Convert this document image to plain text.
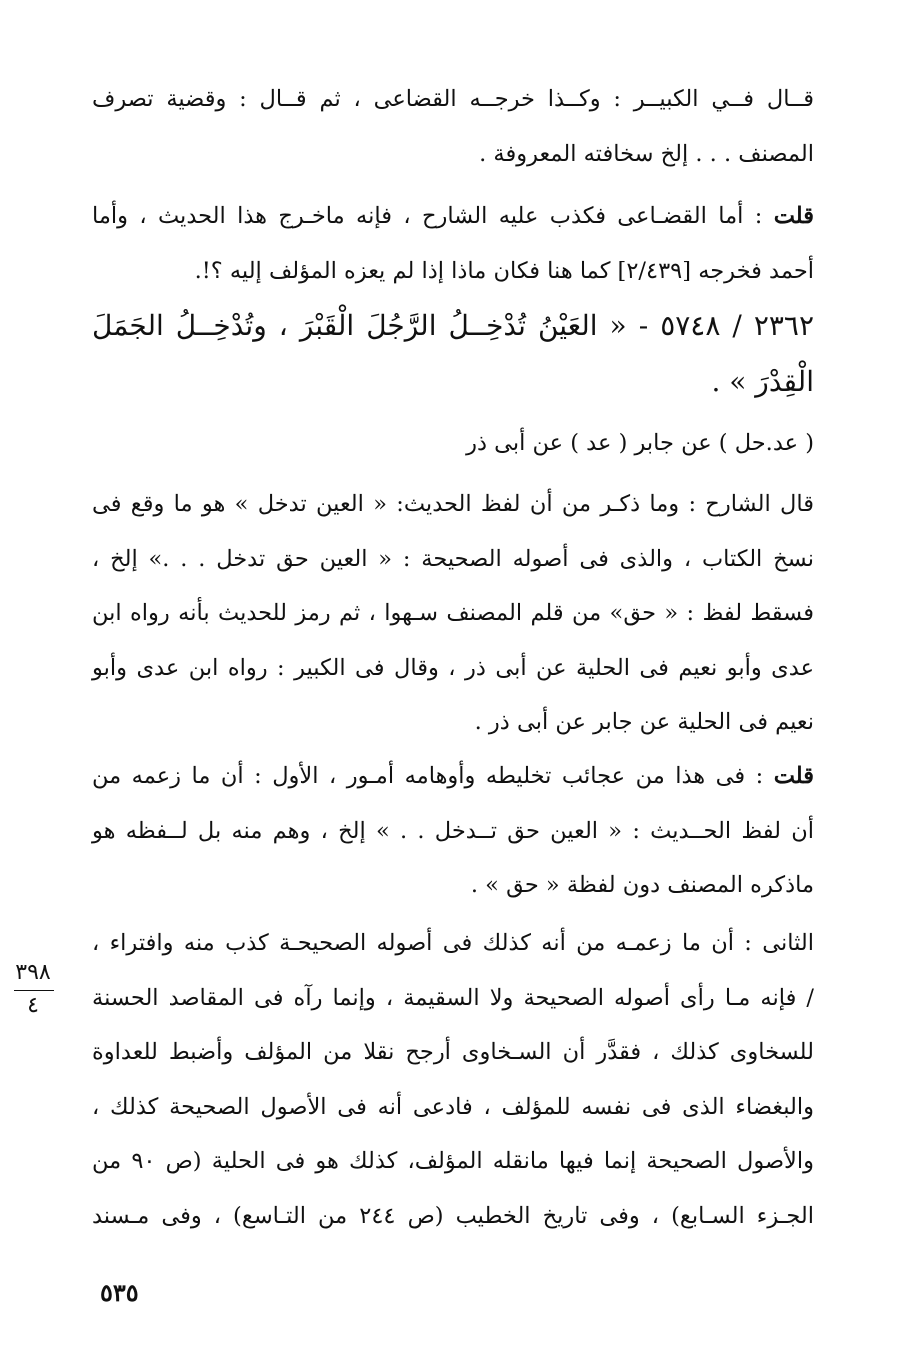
٣٩٨
٤
٥٣٥
قــال فــي الكبيــر : وكــذا خرجــه القضاعى ، ثم قــال : وقضية تصرف
المصنف . . . إلخ سخافته المعروفة .
قلت : أما القضـاعى فكذب عليه الشارح ، فإنه ماخـرج هذا الحديث ، وأما
أحمد فخرجه [٢/٤٣٩] كما هنا فكان ماذا إذا لم يعزه المؤلف إليه ؟!.
٢٣٦٢ / ٥٧٤٨ - « العَيْنُ تُدْخِــلُ الرَّجُلَ الْقَبْرَ ، وتُدْخِــلُ الجَمَلَ
الْقِدْرَ » .
( عد.حل ) عن جابر ( عد ) عن أبى ذر
قال الشارح : وما ذكـر من أن لفظ الحديث: « العين تدخل » هو ما وقع فى
نسخ الكتاب ، والذى فى أصوله الصحيحة : « العين حق تدخل . . .» إلخ ،
فسقط لفظ : « حق» من قلم المصنف سـهوا ، ثم رمز للحديث بأنه رواه ابن
عدى وأبو نعيم فى الحلية عن أبى ذر ، وقال فى الكبير : رواه ابن عدى وأبو
نعيم فى الحلية عن جابر عن أبى ذر .
قلت : فى هذا من عجائب تخليطه وأوهامه أمـور ، الأول : أن ما زعمه من
أن لفظ الحــديث : « العين حق تــدخل . . » إلخ ، وهم منه بل لــفظه هو
ماذكره المصنف دون لفظة « حق » .
الثانى : أن ما زعمـه من أنه كذلك فى أصوله الصحيحـة كذب منه وافتراء ،
/ فإنه مـا رأى أصوله الصحيحة ولا السقيمة ، وإنما رآه فى المقاصد الحسنة
للسخاوى كذلك ، فقدَّر أن السـخاوى أرجح نقلا من المؤلف وأضبط للعداوة
والبغضاء الذى فى نفسه للمؤلف ، فادعى أنه فى الأصول الصحيحة كذلك ،
والأصول الصحيحة إنما فيها مانقله المؤلف، كذلك هو فى الحلية (ص ٩٠ من
الجـزء السـابع) ، وفى تاريخ الخطيب (ص ٢٤٤ من التـاسع) ، وفى مـسند
